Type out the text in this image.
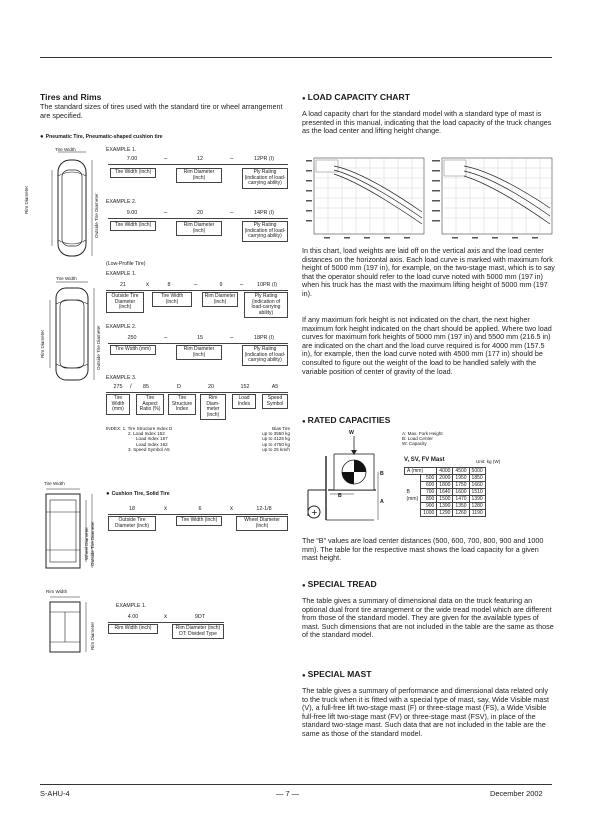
Tires and Rims
The standard sizes of tires used with the standard tire or wheel arrangement are specified.
● Pneumatic Tire, Pneumatic-shaped cushion tire
Tire Width
Rim Diameter	Outside Tire Diameter
EXAMPLE 1.
7.00	–	12	–	12PR (I)
Tire Width (inch)	Rim Diameter (inch)
Ply Rating (indication of load-carrying ability)
EXAMPLE 2.
9.00	–	20	–	14PR (I)
Tire Width (inch)	Rim Diameter (inch)
Ply Rating (indication of load-carrying ability)
(Low-Profile Tire)
Tire Width
Rim Diameter	Outside Tire Diameter
EXAMPLE 1.
21	x	8	–	9	–	10PR (I)
Outside Tire Diameter (inch)
Tire Width (inch)
Rim Diameter (inch)
Ply Rating (indication of load-carrying ability)
EXAMPLE 2.
250	–	15	–	18PR (I)
Tire Width (mm)	Rim Diameter (inch)
Ply Rating (indication of load-carrying ability)
EXAMPLE 3.
275	/	85	D	20	152	A5
Tire Width (mm)
Tire Aspect Ratio (%)
Tire Structure Index
Rim Diam-meter (inch)
Load Index
Speed Symbol
INDEX: 1. Tire Structure Index D	Bias Tire
2. Load Index 152	up to 3550 kg
Load Index 157	up to 4125 kg
Load Index 162	up to 4750 kg
3. Speed Symbol A5	up to 25 km/h
Tire Width
Wheel Diameter Outside Tire Diameter
● Cushion Tire, Solid Tire
18	x	6	x	12-1/8
Outside Tire Diameter (inch)
Tire Width (inch)	Wheel Diameter (inch)
Rim Width
Rim Diameter
EXAMPLE 1.
4.00	x	9DT
Rim Width (inch)	Rim Diameter (inch) DT: Divided Type
● LOAD CAPACITY CHART
A load capacity chart for the standard model with a standard type of mast is presented in this manual, indicating that the load capacity of the truck changes as the load center and lifting height change.
In this chart, load weights are laid off on the vertical axis and the load center distances on the horizontal axis. Each load curve is marked with maximum fork height of 5000 mm (197 in), for example, on the two-stage mast, which is to say that the operator should refer to the load curve noted with 5000 mm (197 in) when his truck has the mast with the maximum lifting height of 5000 mm (197 in).
If any maximum fork height is not indicated on the chart, the next higher maximum fork height indicated on the chart should be applied. Where two load curves for maximum fork heights of 5000 mm (197 in) and 5500 mm (216.5 in) are indicated on the chart and the load curve required is for 4000 mm (157.5 in), for example, then the load curve noted with 4500 mm (177 in) should be consulted to figure out the weight of the load to be handled safely with the variable position of center of gravity of the load.
● RATED CAPACITIES
+
W
B
B
A
A: Max. Fork Height
B: Load Center
W: Capacity
V, SV, FV Mast	Unit: kg (W)
A (mm)		4000	4500	5000
	500	2000	1950	1850
	600	1800	1750	1660
B	700	1640	1600	1510
(mm)	800	1500	1470	1390
	900	1390	1350	1280
	1000	1290	1260	1190
The “B” values are load center distances (500, 600, 700, 800, 900 and 1000 mm). The table for the respective mast shows the load capacity for a given mast height.
● SPECIAL TREAD
The table gives a summary of dimensional data on the truck featuring an optional dual front tire arrangement or the wide tread model which are different from those of the standard model. They are given for the available types of mast. Such dimensions that are not included in the table are the same as those of the standard model.
● SPECIAL MAST
The table gives a summary of performance and dimensional data related only to the truck when it is fitted with a special type of mast, say, Wide Visible mast (V), a full-free lift two-stage mast (F) or three-stage mast (FS), a Wide Visible full-free lift two-stage mast (FV) or three-stage mast (FSV), in place of the standard two-stage mast. Such data that are not included in the table are the same as those of the standard model.
S-AHU-4	— 7 —	December 2002
